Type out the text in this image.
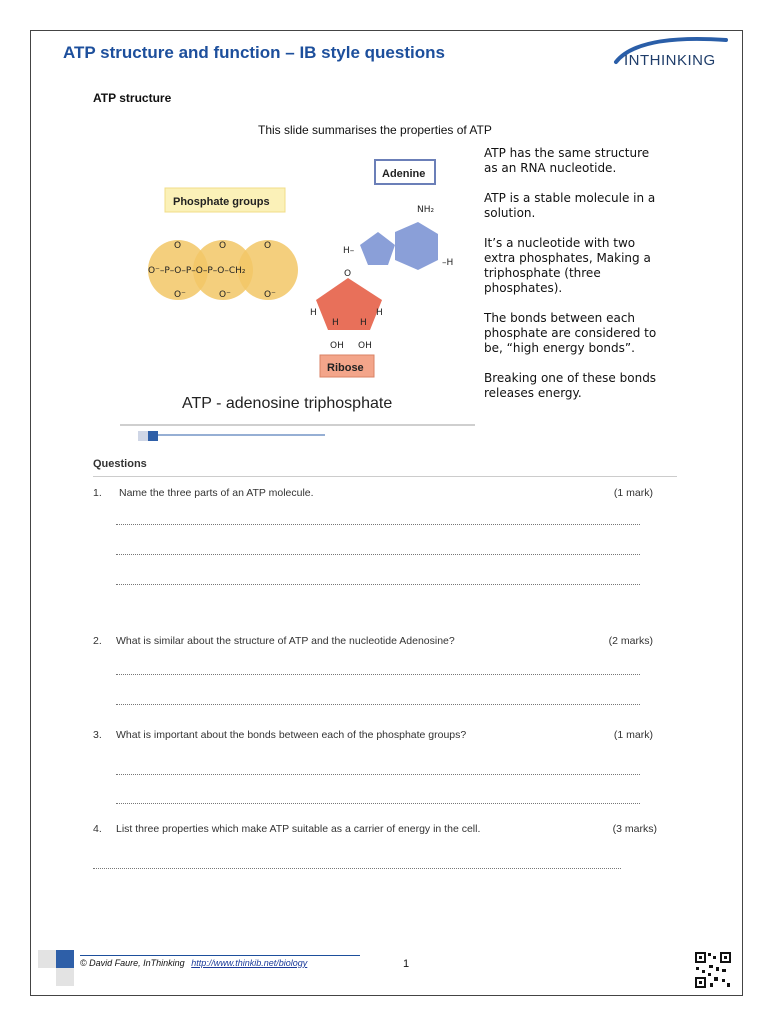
ATP structure and function – IB style questions	INTHINKING
ATP structure
This slide summarises the properties of ATP
Phosphate groups
O⁻–P–O–P–O–P–O–CH₂
O	O	O
O⁻	O⁻	O⁻
Adenine
NH₂
H–
–H
O
H	H
H H
OH OH
Ribose
ATP - adenosine triphosphate

ATP has the same structure as an RNA nucleotide.

ATP is a stable molecule in a solution.

It’s a nucleotide with two extra phosphates, Making a triphosphate (three phosphates).

The bonds between each phosphate are considered to be, “high energy bonds”.

Breaking one of these bonds releases energy.

Questions
1. Name the three parts of an ATP molecule.	(1 mark)
2. What is similar about the structure of ATP and the nucleotide Adenosine?	(2 marks)
3. What is important about the bonds between each of the phosphate groups?	(1 mark)
4. List three properties which make ATP suitable as a carrier of energy in the cell.	(3 marks)
© David Faure, InThinking http://www.thinkib.net/biology	1
